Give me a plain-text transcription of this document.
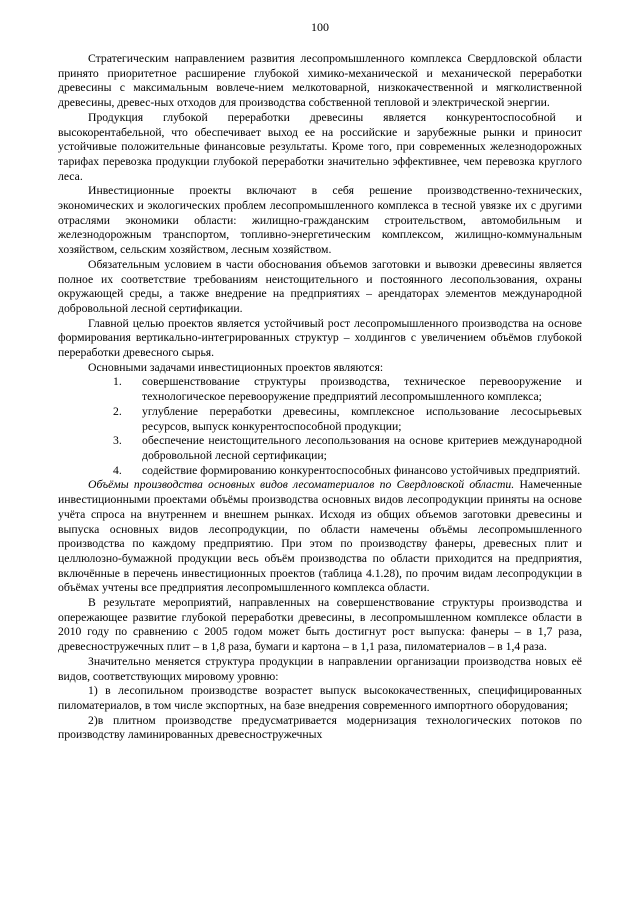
100

Стратегическим направлением развития лесопромышленного комплекса Свердловской области принято приоритетное расширение глубокой химико-механической и механической переработки древесины с максимальным вовлече-нием мелкотоварной, низкокачественной и мягколиственной древесины, древес-ных отходов для производства собственной тепловой и электрической энергии.

Продукция глубокой переработки древесины является конкурентоспособной и высокорентабельной, что обеспечивает выход ее на российские и зарубежные рынки и приносит устойчивые положительные финансовые результаты. Кроме того, при современных железнодорожных тарифах перевозка продукции глубокой переработки значительно эффективнее, чем перевозка круглого леса.

Инвестиционные проекты включают в себя решение производственно-технических, экономических и экологических проблем лесопромышленного комплекса в тесной увязке их с другими отраслями экономики области: жилищно-гражданским строительством, автомобильным и железнодорожным транспортом, топливно-энергетическим комплексом, жилищно-коммунальным хозяйством, сельским хозяйством, лесным хозяйством.

Обязательным условием в части обоснования объемов заготовки и вывозки древесины является полное их соответствие требованиям неистощительного и постоянного лесопользования, охраны окружающей среды, а также внедрение на предприятиях – арендаторах элементов международной добровольной лесной сертификации.

Главной целью проектов является устойчивый рост лесопромышленного производства на основе формирования вертикально-интегрированных структур – холдингов с увеличением объёмов глубокой переработки древесного сырья.

Основными задачами инвестиционных проектов являются:

1. совершенствование структуры производства, техническое перевооружение и технологическое перевооружение предприятий лесопромышленного комплекса;
2. углубление переработки древесины, комплексное использование лесосырьевых ресурсов, выпуск конкурентоспособной продукции;
3. обеспечение неистощительного лесопользования на основе критериев международной добровольной лесной сертификации;
4. содействие формированию конкурентоспособных финансово устойчивых предприятий.

Объёмы производства основных видов лесоматериалов по Свердловской области. Намеченные инвестиционными проектами объёмы производства основных видов лесопродукции приняты на основе учёта спроса на внутреннем и внешнем рынках. Исходя из общих объемов заготовки древесины и выпуска основных видов лесопродукции, по области намечены объёмы лесопромышленного производства по каждому предприятию. При этом по производству фанеры, древесных плит и целлюлозно-бумажной продукции весь объём производства по области приходится на предприятия, включённые в перечень инвестиционных проектов (таблица 4.1.28), по прочим видам лесопродукции в объёмах учтены все предприятия лесопромышленного комплекса области.

В результате мероприятий, направленных на совершенствование структуры производства и опережающее развитие глубокой переработки древесины, в лесопромышленном комплексе области в 2010 году по сравнению с 2005 годом может быть достигнут рост выпуска: фанеры – в 1,7 раза, древесностружечных плит – в 1,8 раза, бумаги и картона – в 1,1 раза, пиломатериалов – в 1,4 раза.

Значительно меняется структура продукции в направлении организации производства новых её видов, соответствующих мировому уровню:

1) в лесопильном производстве возрастет выпуск высококачественных, специфицированных пиломатериалов, в том числе экспортных, на базе внедрения современного импортного оборудования;

2)в плитном производстве предусматривается модернизация технологических потоков по производству ламинированных древесностружечных
